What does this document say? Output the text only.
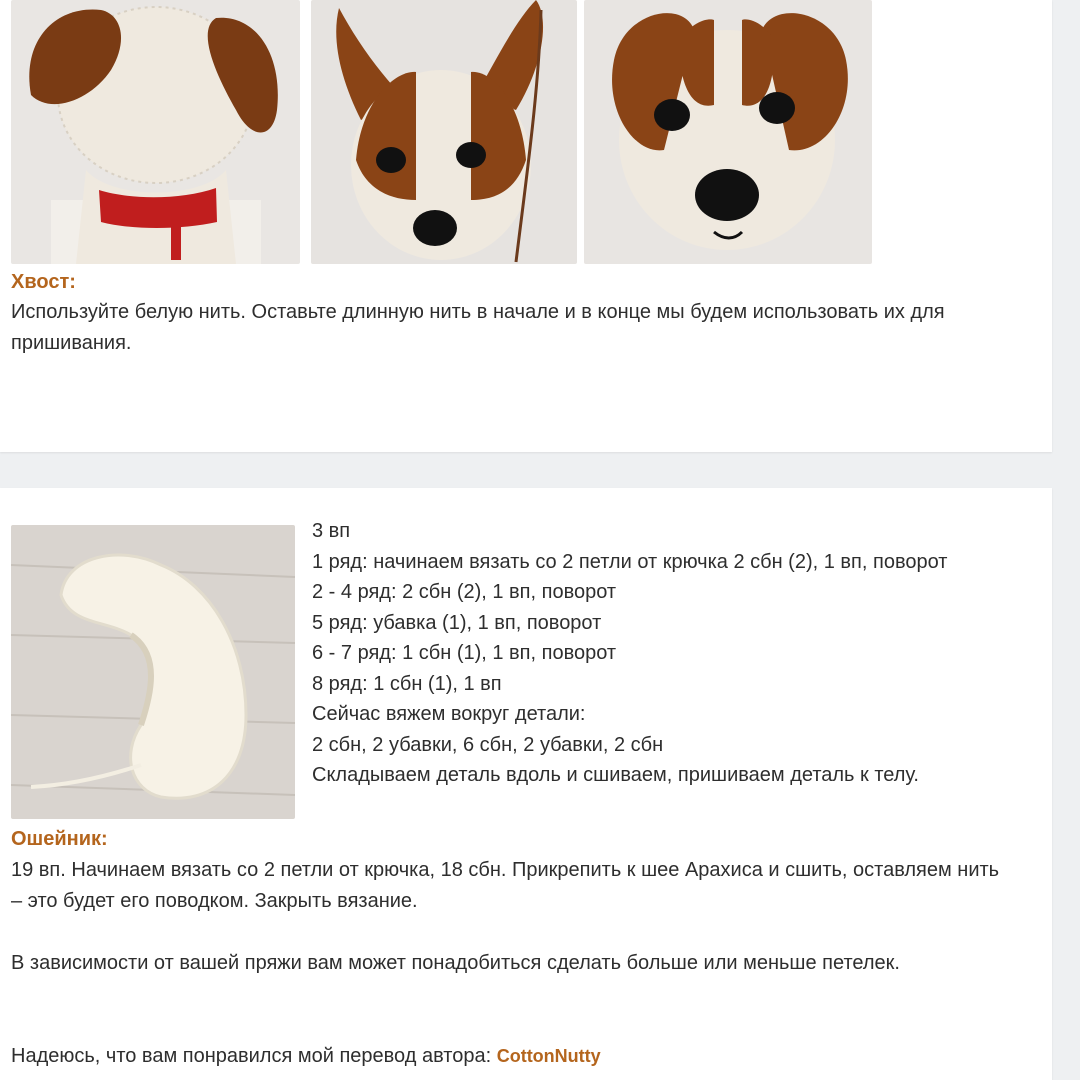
Хвост:
Используйте белую нить. Оставьте длинную нить в начале и в конце мы будем использовать их для пришивания.
3 вп
1 ряд: начинаем вязать со 2 петли от крючка 2 сбн (2), 1 вп, поворот
2 - 4 ряд: 2 сбн (2), 1 вп, поворот
5 ряд: убавка (1), 1 вп, поворот
6 - 7 ряд: 1 сбн (1), 1 вп, поворот
8 ряд: 1 сбн (1), 1 вп
Сейчас вяжем вокруг детали:
2 сбн, 2 убавки, 6 сбн, 2 убавки, 2 сбн
Складываем деталь вдоль и сшиваем, пришиваем деталь к телу.
Ошейник:
19 вп. Начинаем вязать со 2 петли от крючка, 18 сбн. Прикрепить к шее Арахиса и сшить, оставляем нить – это будет его поводком. Закрыть вязание.
В зависимости от вашей пряжи вам может понадобиться сделать больше или меньше петелек.
Надеюсь, что вам понравился мой перевод автора: CottonNutty
